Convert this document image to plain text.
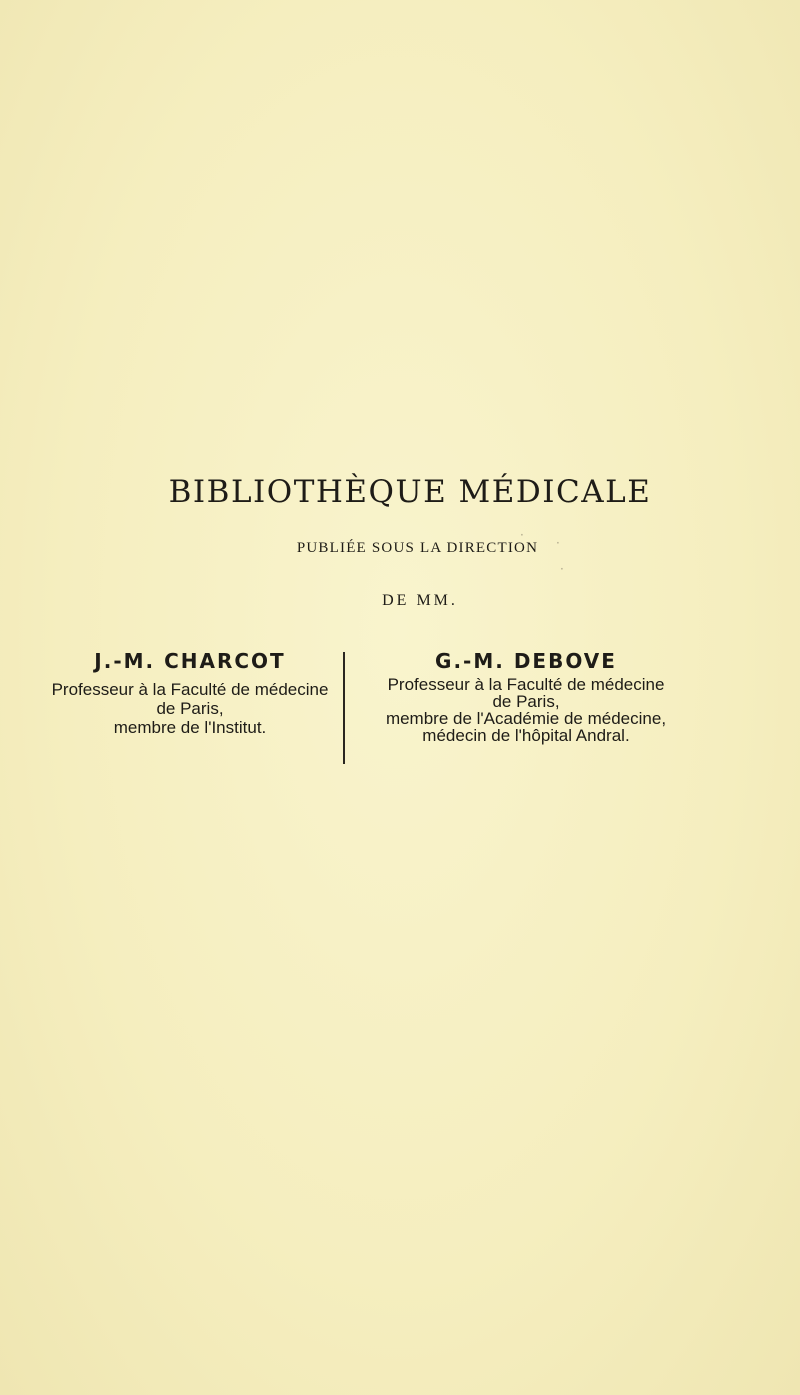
BIBLIOTHÈQUE MÉDICALE
PUBLIÉE SOUS LA DIRECTION
DE MM.
·
·
·
J.-M. CHARCOT
Professeur à la Faculté de médecine
de Paris,
membre de l'Institut.
G.-M. DEBOVE
Professeur à la Faculté de médecine
de Paris,
membre de l'Académie de médecine,
médecin de l'hôpital Andral.
